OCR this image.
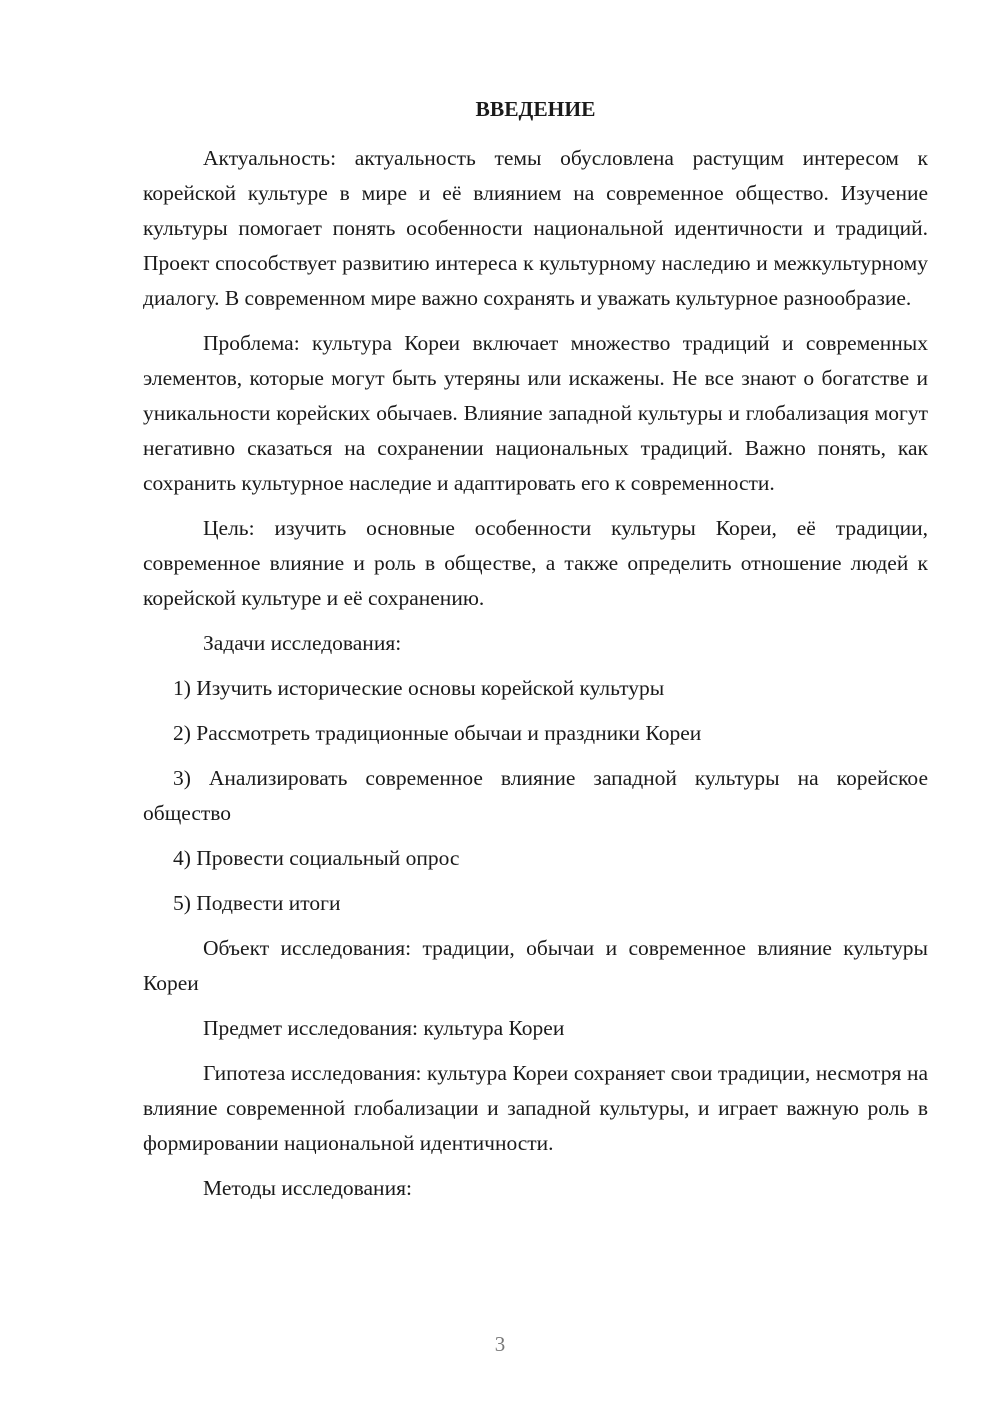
ВВЕДЕНИЕ

Актуальность: актуальность темы обусловлена растущим интересом к корейской культуре в мире и её влиянием на современное общество. Изучение культуры помогает понять особенности национальной идентичности и традиций. Проект способствует развитию интереса к культурному наследию и межкультурному диалогу. В современном мире важно сохранять и уважать культурное разнообразие.

Проблема: культура Кореи включает множество традиций и современных элементов, которые могут быть утеряны или искажены. Не все знают о богатстве и уникальности корейских обычаев. Влияние западной культуры и глобализация могут негативно сказаться на сохранении национальных традиций. Важно понять, как сохранить культурное наследие и адаптировать его к современности.

Цель: изучить основные особенности культуры Кореи, её традиции, современное влияние и роль в обществе, а также определить отношение людей к корейской культуре и её сохранению.

Задачи исследования:

1) Изучить исторические основы корейской культуры

2) Рассмотреть традиционные обычаи и праздники Кореи

3) Анализировать современное влияние западной культуры на корейское общество

4) Провести социальный опрос

5) Подвести итоги

Объект исследования: традиции, обычаи и современное влияние культуры Кореи

Предмет исследования: культура Кореи

Гипотеза исследования: культура Кореи сохраняет свои традиции, несмотря на влияние современной глобализации и западной культуры, и играет важную роль в формировании национальной идентичности.

Методы исследования:

3
